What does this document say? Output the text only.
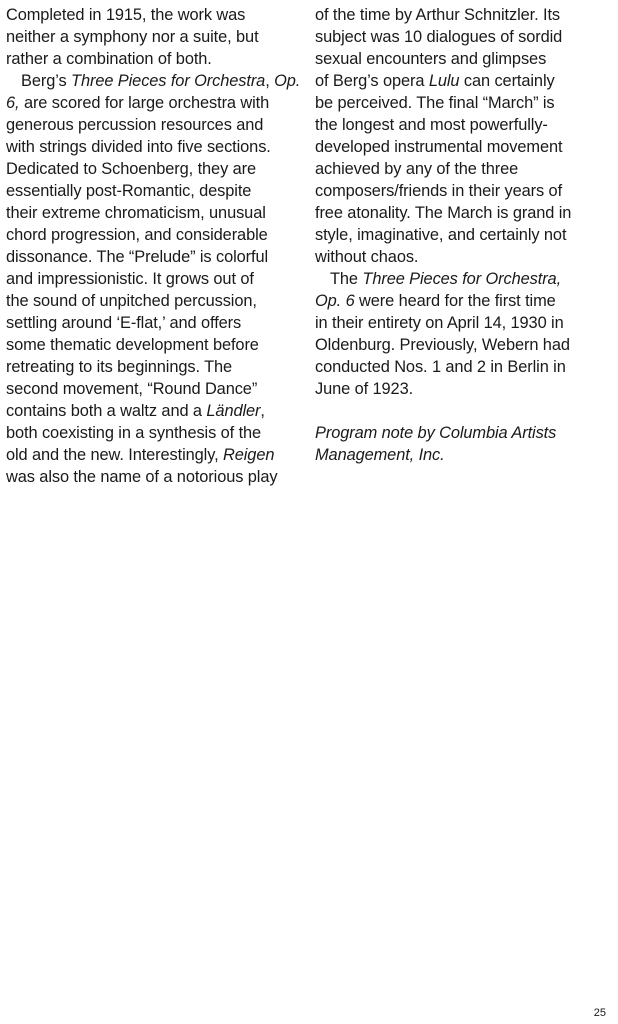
Completed in 1915, the work was
neither a symphony nor a suite, but
rather a combination of both.
Berg’s Three Pieces for Orchestra, Op.
6, are scored for large orchestra with
generous percussion resources and
with strings divided into five sections.
Dedicated to Schoenberg, they are
essentially post-Romantic, despite
their extreme chromaticism, unusual
chord progression, and considerable
dissonance. The “Prelude” is colorful
and impressionistic. It grows out of
the sound of unpitched percussion,
settling around ‘E-flat,’ and offers
some thematic development before
retreating to its beginnings. The
second movement, “Round Dance”
contains both a waltz and a Ländler,
both coexisting in a synthesis of the
old and the new. Interestingly, Reigen
was also the name of a notorious play
of the time by Arthur Schnitzler. Its
subject was 10 dialogues of sordid
sexual encounters and glimpses
of Berg’s opera Lulu can certainly
be perceived. The final “March” is
the longest and most powerfully-
developed instrumental movement
achieved by any of the three
composers/friends in their years of
free atonality. The March is grand in
style, imaginative, and certainly not
without chaos.
The Three Pieces for Orchestra,
Op. 6 were heard for the first time
in their entirety on April 14, 1930 in
Oldenburg. Previously, Webern had
conducted Nos. 1 and 2 in Berlin in
June of 1923.
Program note by Columbia Artists
Management, Inc.
25
